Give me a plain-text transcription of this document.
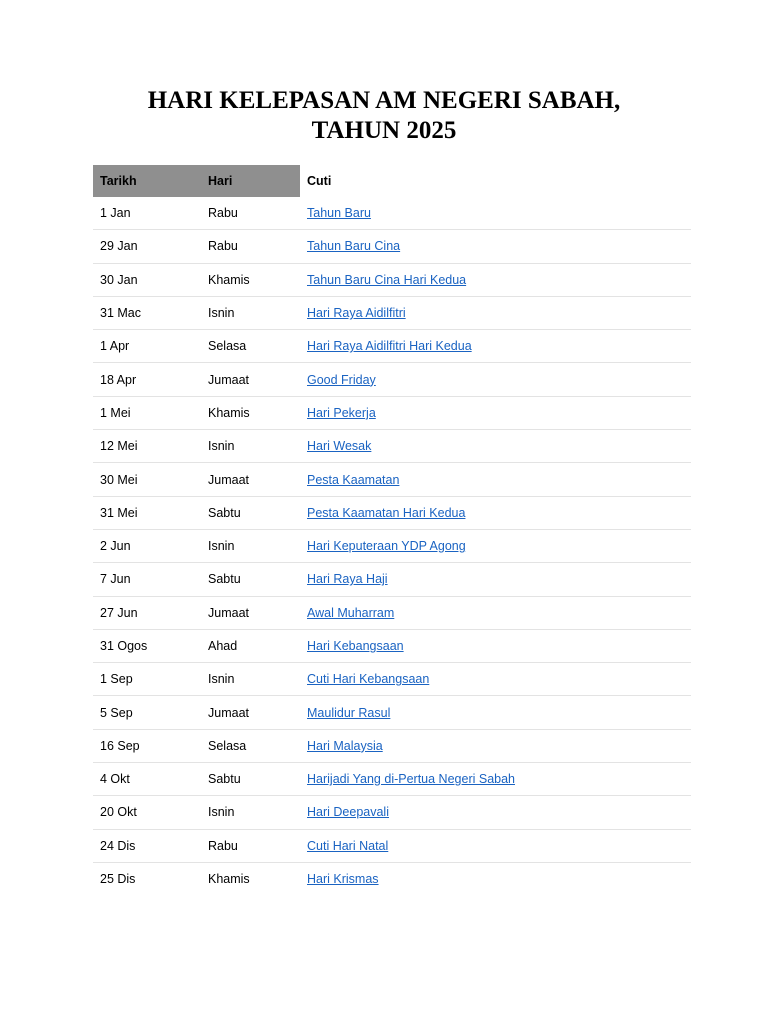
HARI KELEPASAN AM NEGERI SABAH,
TAHUN 2025
Tarikh	Hari	Cuti
1 Jan	Rabu	Tahun Baru
29 Jan	Rabu	Tahun Baru Cina
30 Jan	Khamis	Tahun Baru Cina Hari Kedua
31 Mac	Isnin	Hari Raya Aidilfitri
1 Apr	Selasa	Hari Raya Aidilfitri Hari Kedua
18 Apr	Jumaat	Good Friday
1 Mei	Khamis	Hari Pekerja
12 Mei	Isnin	Hari Wesak
30 Mei	Jumaat	Pesta Kaamatan
31 Mei	Sabtu	Pesta Kaamatan Hari Kedua
2 Jun	Isnin	Hari Keputeraan YDP Agong
7 Jun	Sabtu	Hari Raya Haji
27 Jun	Jumaat	Awal Muharram
31 Ogos	Ahad	Hari Kebangsaan
1 Sep	Isnin	Cuti Hari Kebangsaan
5 Sep	Jumaat	Maulidur Rasul
16 Sep	Selasa	Hari Malaysia
4 Okt	Sabtu	Harijadi Yang di-Pertua Negeri Sabah
20 Okt	Isnin	Hari Deepavali
24 Dis	Rabu	Cuti Hari Natal
25 Dis	Khamis	Hari Krismas
